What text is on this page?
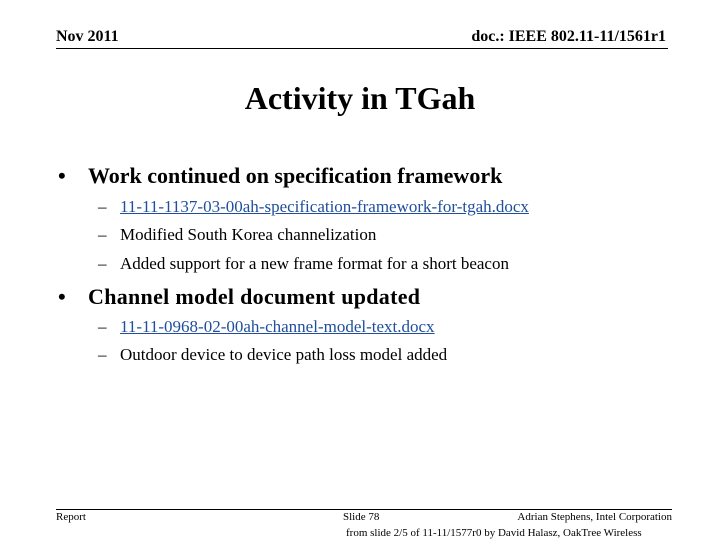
Nov 2011	doc.: IEEE 802.11-11/1561r1
Activity in TGah
• Work continued on specification framework
– 11-11-1137-03-00ah-specification-framework-for-tgah.docx
– Modified South Korea channelization
– Added support for a new frame format for a short beacon
• Channel model document updated
– 11-11-0968-02-00ah-channel-model-text.docx
– Outdoor device to device path loss model added
Report	Slide 78	Adrian Stephens, Intel Corporation
from slide 2/5 of 11-11/1577r0 by David Halasz, OakTree Wireless
